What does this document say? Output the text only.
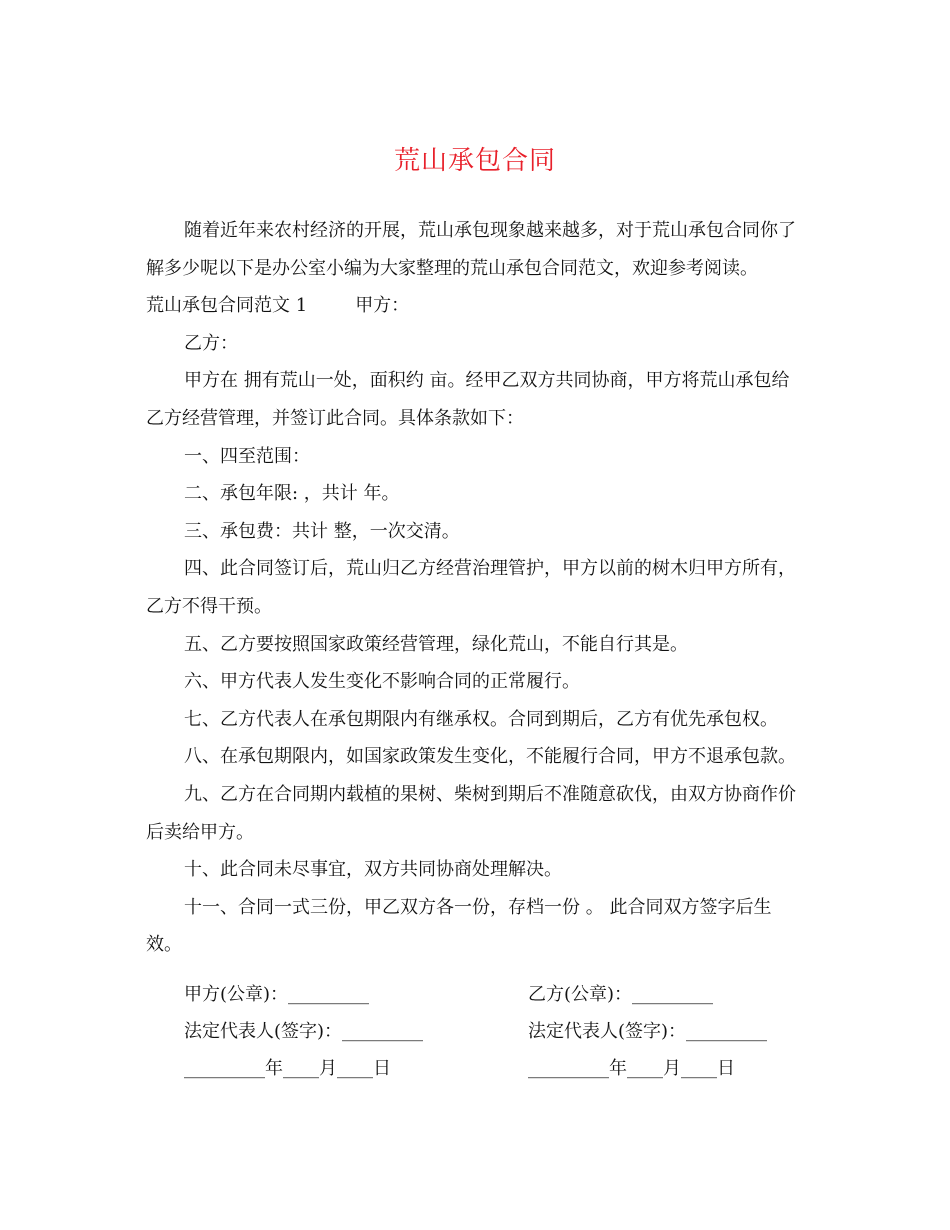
荒山承包合同

随着近年来农村经济的开展，荒山承包现象越来越多，对于荒山承包合同你了解多少呢以下是办公室小编为大家整理的荒山承包合同范文，欢迎参考阅读。

荒山承包合同范文 1	甲方：

乙方：

甲方在 拥有荒山一处，面积约 亩。经甲乙双方共同协商，甲方将荒山承包给乙方经营管理，并签订此合同。具体条款如下：

一、四至范围：

二、承包年限: ，共计 年。

三、承包费：共计 整，一次交清。

四、此合同签订后，荒山归乙方经营治理管护，甲方以前的树木归甲方所有，乙方不得干预。

五、乙方要按照国家政策经营管理，绿化荒山，不能自行其是。

六、甲方代表人发生变化不影响合同的正常履行。

七、乙方代表人在承包期限内有继承权。合同到期后，乙方有优先承包权。

八、在承包期限内，如国家政策发生变化，不能履行合同，甲方不退承包款。

九、乙方在合同期内载植的果树、柴树到期后不准随意砍伐，由双方协商作价后卖给甲方。

十、此合同未尽事宜，双方共同协商处理解决。

十一、合同一式三份，甲乙双方各一份，存档一份 。 此合同双方签字后生效。

甲方(公章)：_________	乙方(公章)：_________
法定代表人(签字)：_________	法定代表人(签字)：_________
_________年____月____日	_________年____月____日
